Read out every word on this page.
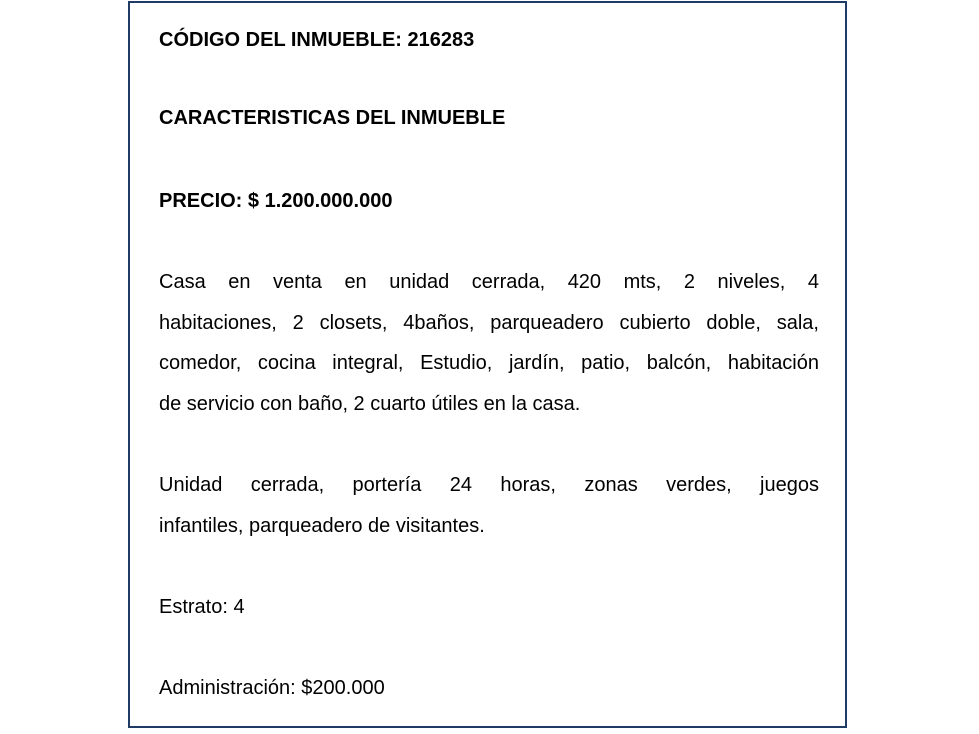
CÓDIGO DEL INMUEBLE: 216283
CARACTERISTICAS DEL INMUEBLE
PRECIO: $ 1.200.000.000
Casa en venta en unidad cerrada, 420 mts, 2 niveles, 4
habitaciones, 2 closets, 4baños, parqueadero cubierto doble, sala,
comedor, cocina integral, Estudio, jardín, patio, balcón, habitación
de servicio con baño, 2 cuarto útiles en la casa.
Unidad cerrada, portería 24 horas, zonas verdes, juegos
infantiles, parqueadero de visitantes.
Estrato: 4
Administración: $200.000
